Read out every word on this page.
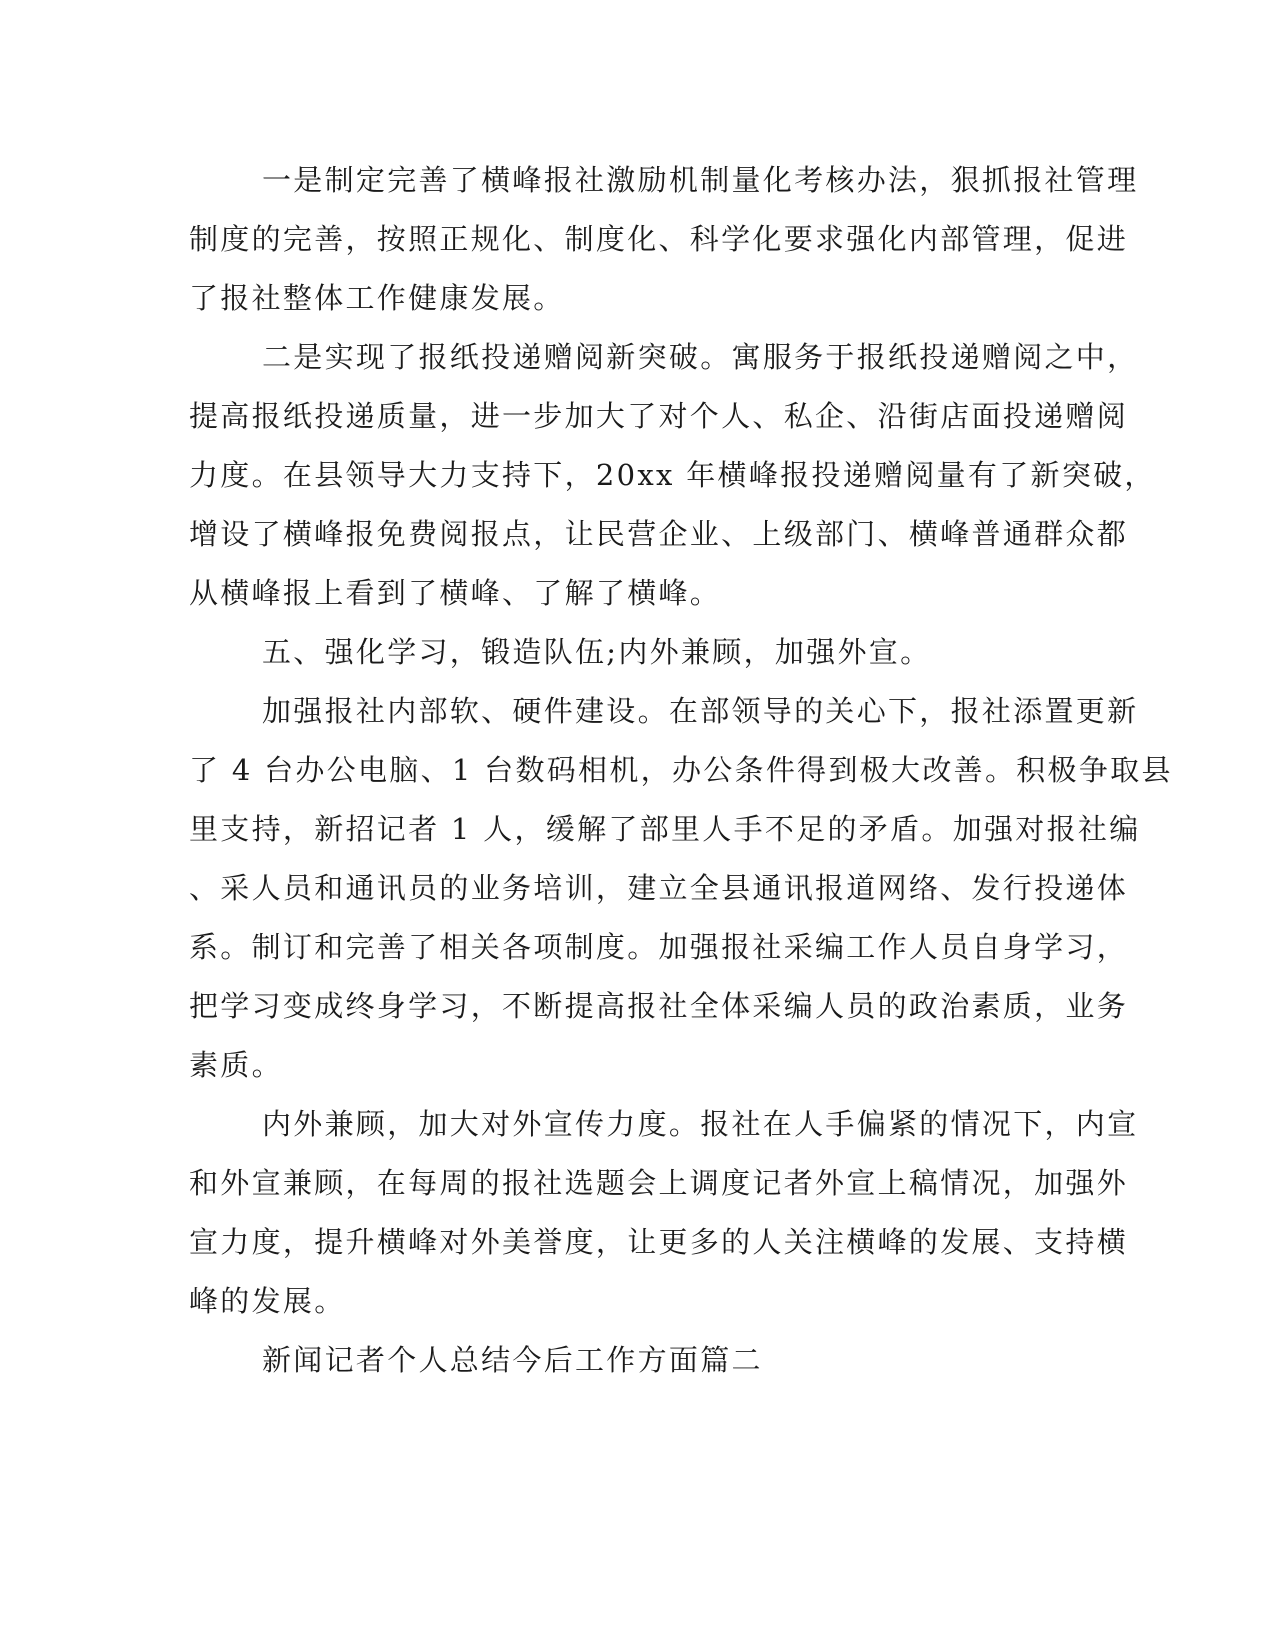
一是制定完善了横峰报社激励机制量化考核办法，狠抓报社管理
制度的完善，按照正规化、制度化、科学化要求强化内部管理，促进
了报社整体工作健康发展。
二是实现了报纸投递赠阅新突破。寓服务于报纸投递赠阅之中，
提高报纸投递质量，进一步加大了对个人、私企、沿街店面投递赠阅
力度。在县领导大力支持下，20xx 年横峰报投递赠阅量有了新突破，
增设了横峰报免费阅报点，让民营企业、上级部门、横峰普通群众都
从横峰报上看到了横峰、了解了横峰。
五、强化学习，锻造队伍;内外兼顾，加强外宣。
加强报社内部软、硬件建设。在部领导的关心下，报社添置更新
了 4 台办公电脑、1 台数码相机，办公条件得到极大改善。积极争取县
里支持，新招记者 1 人，缓解了部里人手不足的矛盾。加强对报社编
、采人员和通讯员的业务培训，建立全县通讯报道网络、发行投递体
系。制订和完善了相关各项制度。加强报社采编工作人员自身学习，
把学习变成终身学习，不断提高报社全体采编人员的政治素质，业务
素质。
内外兼顾，加大对外宣传力度。报社在人手偏紧的情况下，内宣
和外宣兼顾，在每周的报社选题会上调度记者外宣上稿情况，加强外
宣力度，提升横峰对外美誉度，让更多的人关注横峰的发展、支持横
峰的发展。
新闻记者个人总结今后工作方面篇二
